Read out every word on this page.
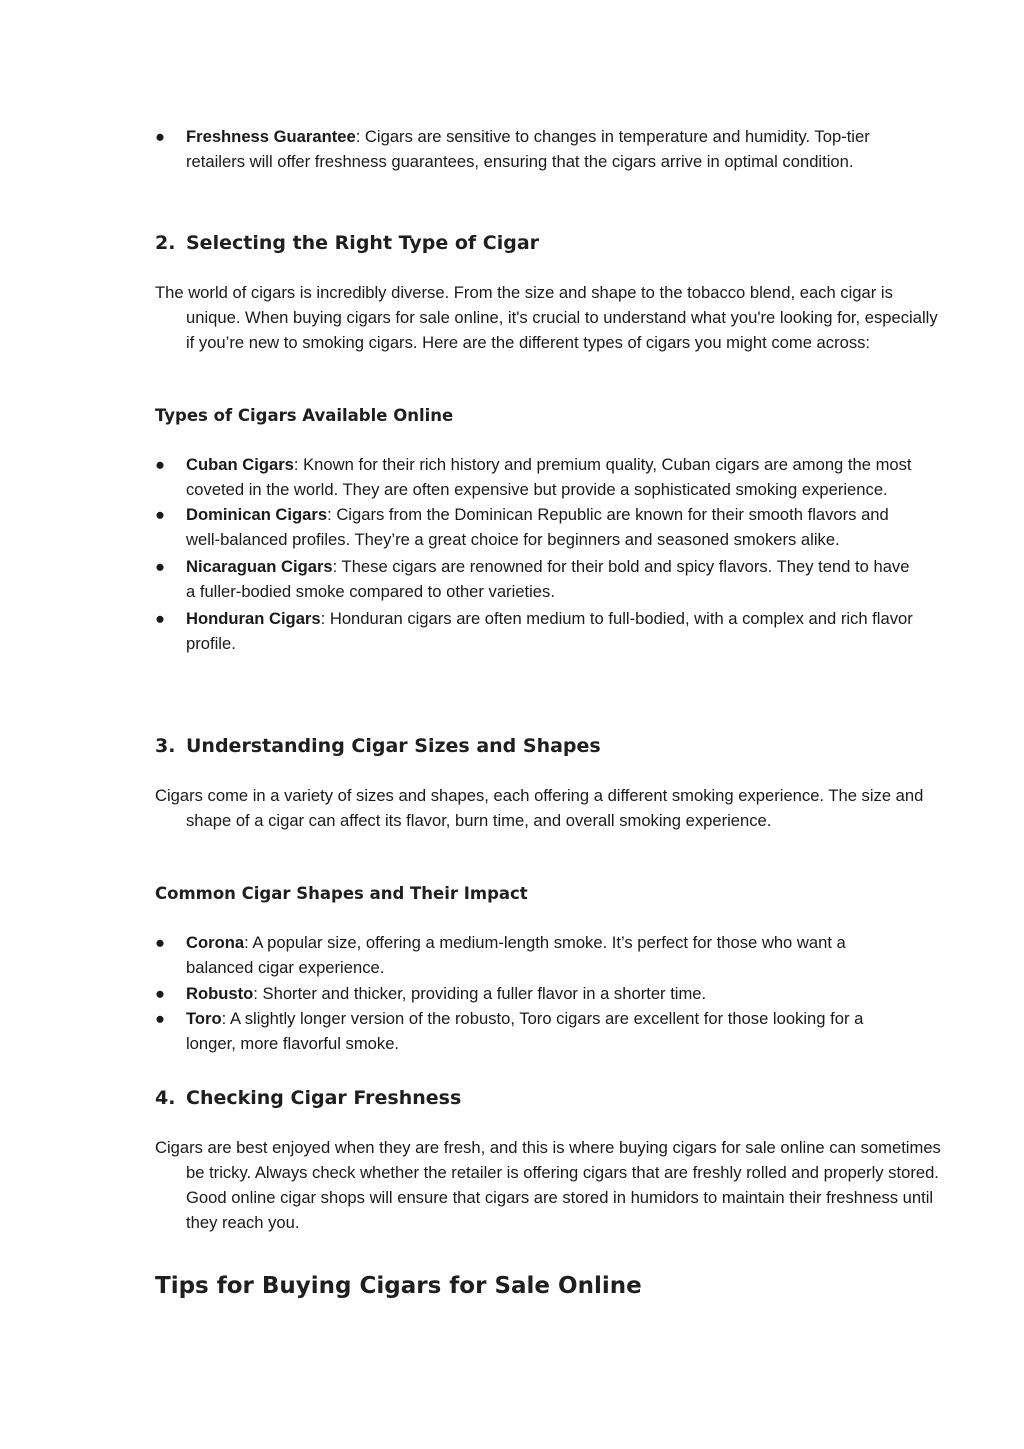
●	Freshness Guarantee: Cigars are sensitive to changes in temperature and humidity. Top-tier retailers will offer freshness guarantees, ensuring that the cigars arrive in optimal condition.
2. Selecting the Right Type of Cigar
The world of cigars is incredibly diverse. From the size and shape to the tobacco blend, each cigar is unique. When buying cigars for sale online, it's crucial to understand what you're looking for, especially if you’re new to smoking cigars. Here are the different types of cigars you might come across:
Types of Cigars Available Online
●	Cuban Cigars: Known for their rich history and premium quality, Cuban cigars are among the most coveted in the world. They are often expensive but provide a sophisticated smoking experience.
●	Dominican Cigars: Cigars from the Dominican Republic are known for their smooth flavors and well-balanced profiles. They’re a great choice for beginners and seasoned smokers alike.
●	Nicaraguan Cigars: These cigars are renowned for their bold and spicy flavors. They tend to have a fuller-bodied smoke compared to other varieties.
●	Honduran Cigars: Honduran cigars are often medium to full-bodied, with a complex and rich flavor profile.
3. Understanding Cigar Sizes and Shapes
Cigars come in a variety of sizes and shapes, each offering a different smoking experience. The size and shape of a cigar can affect its flavor, burn time, and overall smoking experience.
Common Cigar Shapes and Their Impact
●	Corona: A popular size, offering a medium-length smoke. It’s perfect for those who want a balanced cigar experience.
●	Robusto: Shorter and thicker, providing a fuller flavor in a shorter time.
●	Toro: A slightly longer version of the robusto, Toro cigars are excellent for those looking for a longer, more flavorful smoke.
4. Checking Cigar Freshness
Cigars are best enjoyed when they are fresh, and this is where buying cigars for sale online can sometimes be tricky. Always check whether the retailer is offering cigars that are freshly rolled and properly stored. Good online cigar shops will ensure that cigars are stored in humidors to maintain their freshness until they reach you.
Tips for Buying Cigars for Sale Online
